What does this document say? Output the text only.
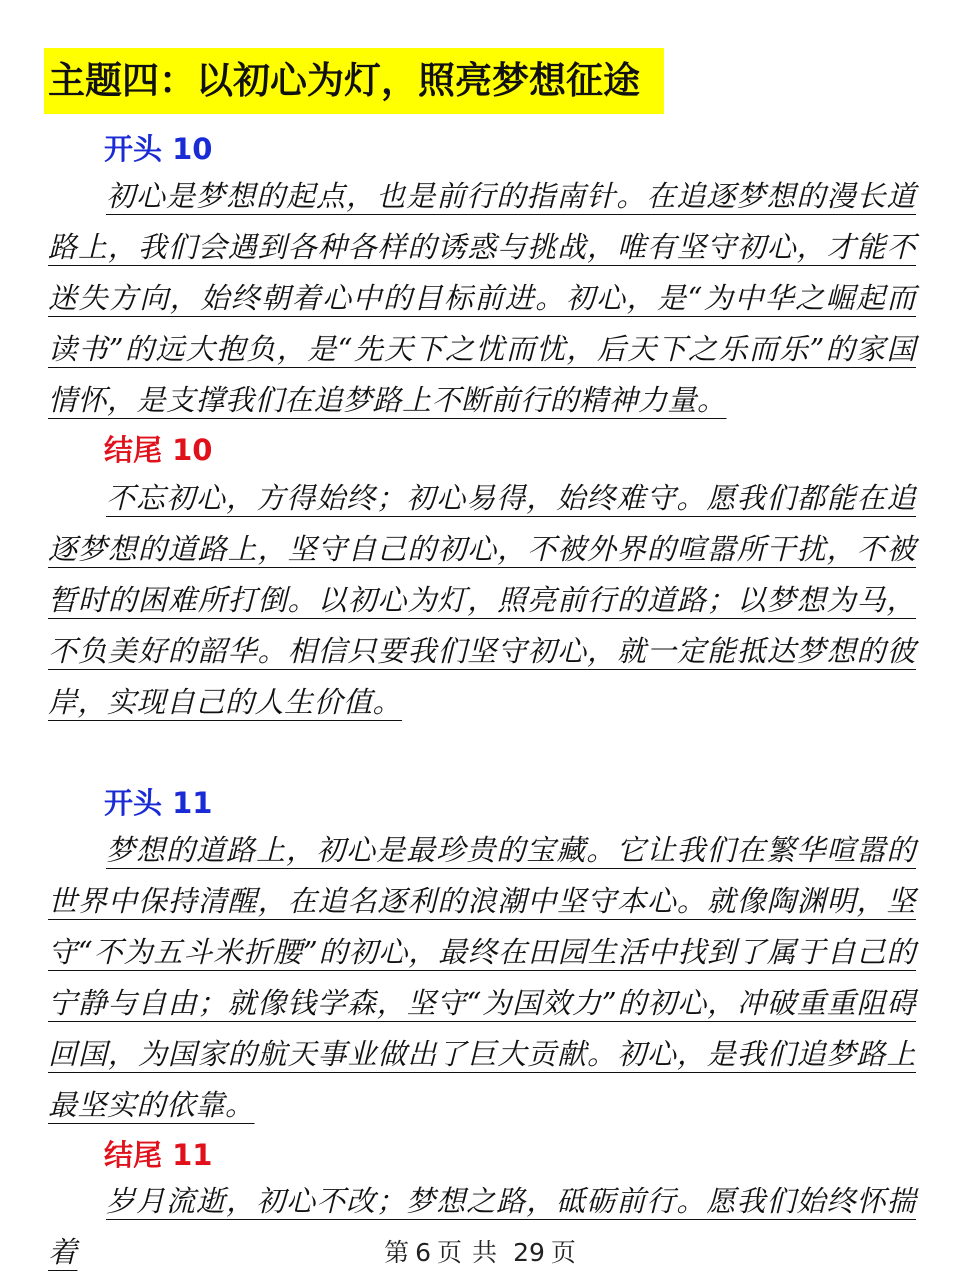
主题四：以初心为灯，照亮梦想征途
开头 10
初心是梦想的起点，也是前行的指南针。在追逐梦想的漫长道路上，我们会遇到各种各样的诱惑与挑战，唯有坚守初心，才能不迷失方向，始终朝着心中的目标前进。初心，是“为中华之崛起而读书”的远大抱负，是“先天下之忧而忧，后天下之乐而乐”的家国情怀，是支撑我们在追梦路上不断前行的精神力量。
结尾 10
不忘初心，方得始终；初心易得，始终难守。愿我们都能在追逐梦想的道路上，坚守自己的初心，不被外界的喧嚣所干扰，不被暂时的困难所打倒。以初心为灯，照亮前行的道路；以梦想为马，不负美好的韶华。相信只要我们坚守初心，就一定能抵达梦想的彼岸，实现自己的人生价值。
开头 11
梦想的道路上，初心是最珍贵的宝藏。它让我们在繁华喧嚣的世界中保持清醒，在追名逐利的浪潮中坚守本心。就像陶渊明，坚守“不为五斗米折腰”的初心，最终在田园生活中找到了属于自己的宁静与自由；就像钱学森，坚守“为国效力”的初心，冲破重重阻碍回国，为国家的航天事业做出了巨大贡献。初心，是我们追梦路上最坚实的依靠。
结尾 11
岁月流逝，初心不改；梦想之路，砥砺前行。愿我们始终怀揣着	第 6 页 共 29 页
